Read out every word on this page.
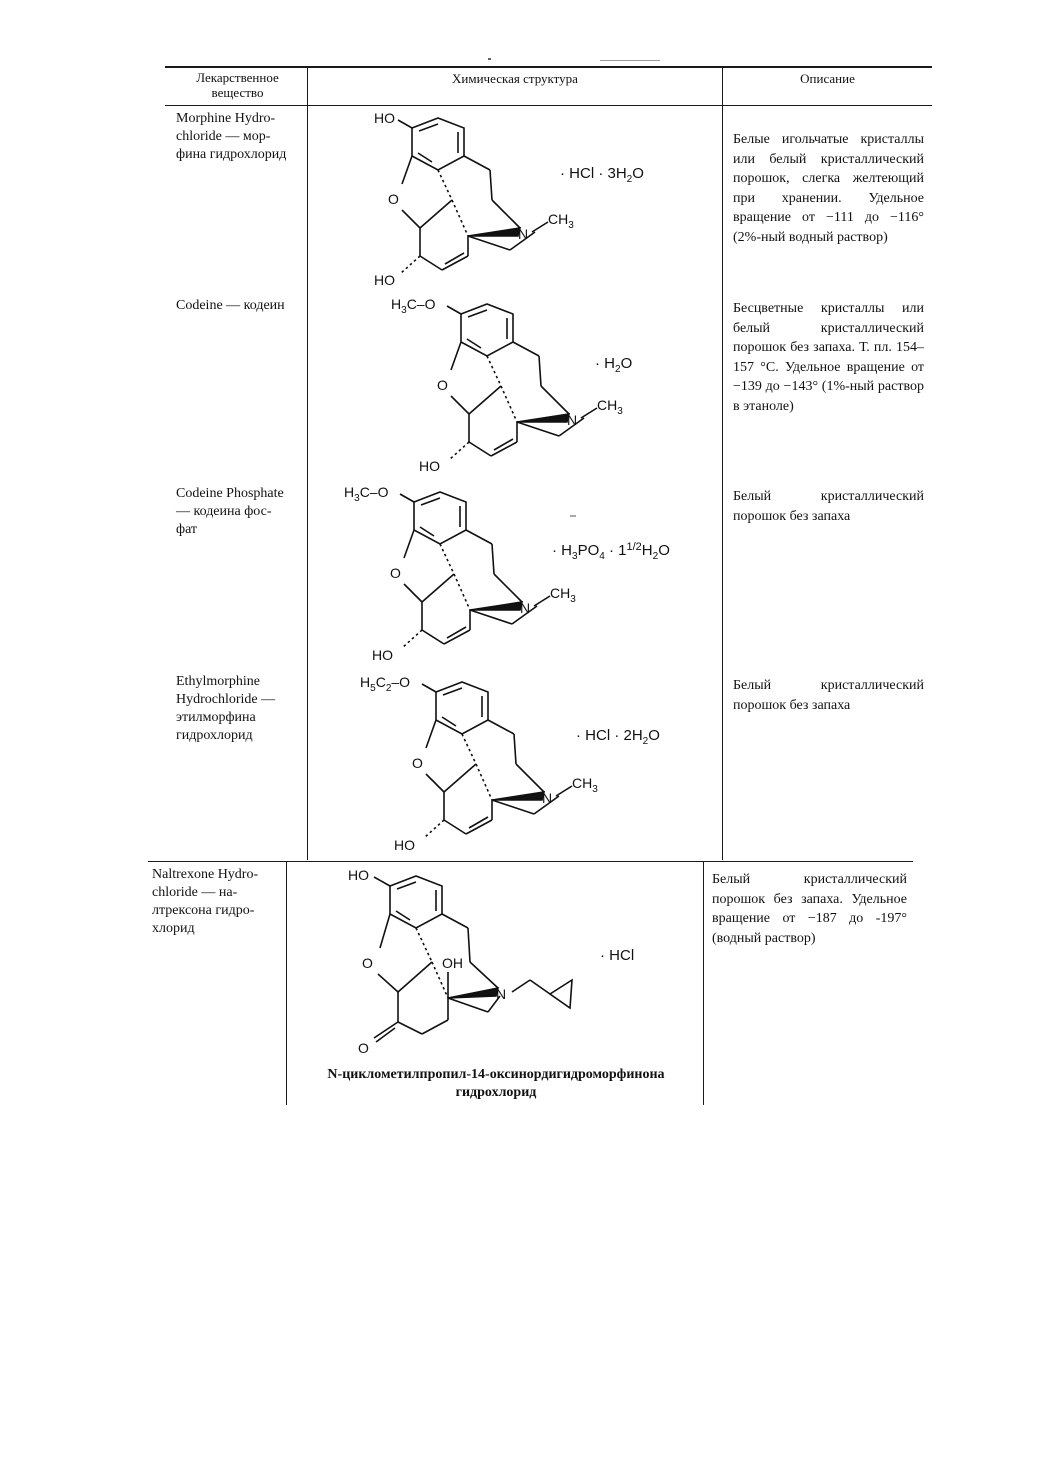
Лекарственное вещество
Химическая структура	Описание
Morphine Hydro-
chloride — мор-
фина гидрохлорид
Codeine — кодеин
Codeine Phosphate
— кодеина фос-
фат
Ethylmorphine
Hydrochloride —
этилморфина
гидрохлорид
Naltrexone Hydro-
chloride — на-
лтрексона гидро-
хлорид
Белые игольчатые кристаллы или белый кристаллический порошок, слегка желтеющий при хранении. Удельное вращение от −111 до −116° (2%-ный водный раствор)
Бесцветные кристаллы или белый кристаллический порошок без запаха. Т. пл. 154–157 °С. Удельное вращение от −139 до −143° (1%-ный раствор в этаноле)
Белый кристаллический порошок без запаха
Белый кристаллический порошок без запаха
Белый кристаллический порошок без запаха. Удельное вращение от −187 до -197° (водный раствор)
HO
O
N
$CH_3$
HO
· HCl · $3H_2O$
$H_3C-O$
O
N
$CH_3$
HO
· $H_2O$
$H_3C-O$
O
N
$CH_3$
HO
· $H_3PO_4 \cdot 1^{1/2}H_2O$
$H_5C_2-O$
O
N
$CH_3$
HO
· HCl · $2H_2O$
HO
O	OH
N
O
· HCl
N-циклометилпропил-14-оксинордигидроморфинона гидрохлорид
